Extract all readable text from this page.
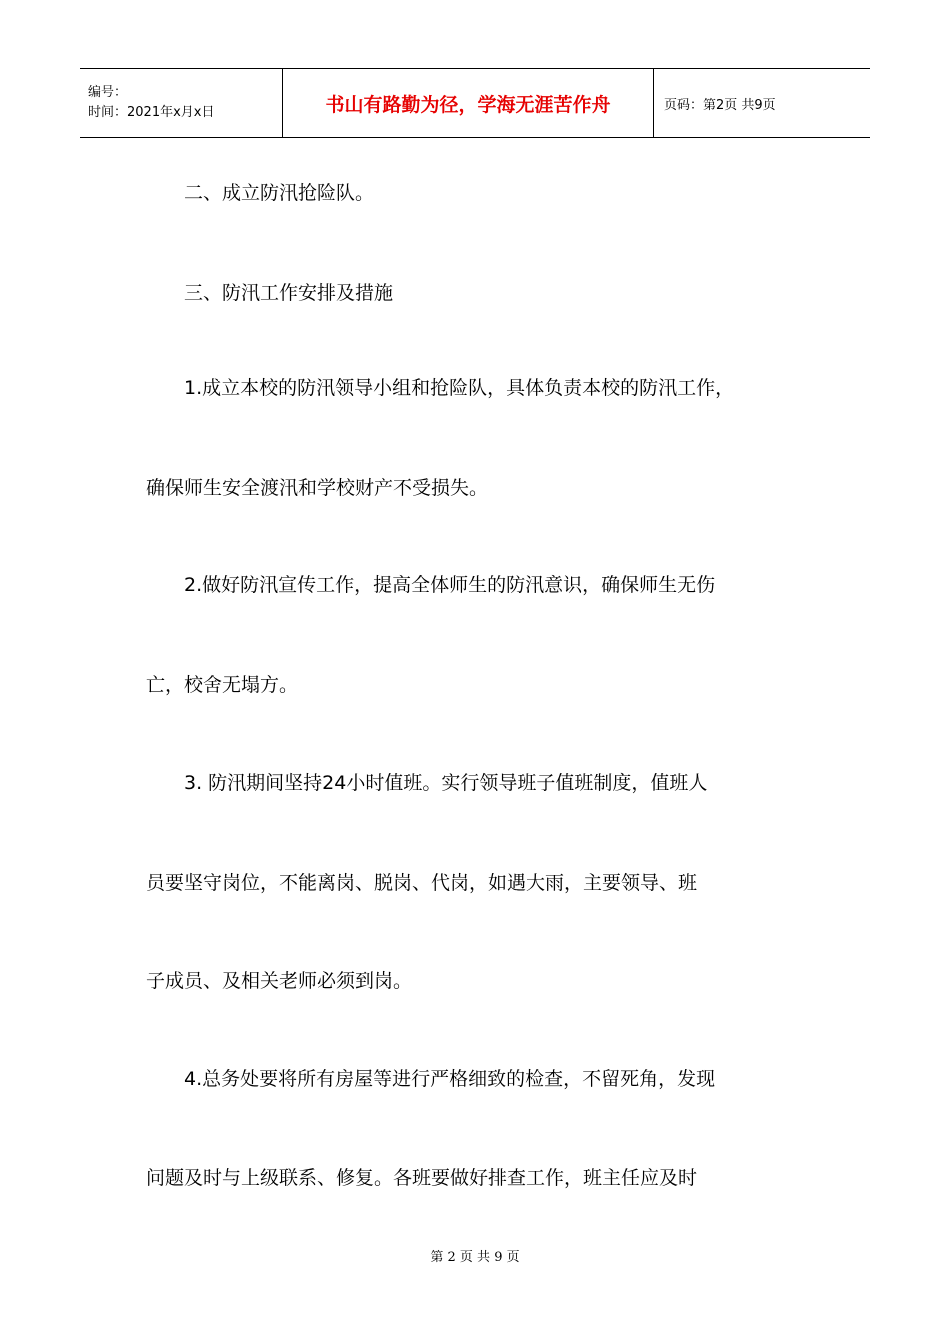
编号：
时间：2021年x月x日	书山有路勤为径，学海无涯苦作舟	页码：第2页 共9页
二、成立防汛抢险队。
三、防汛工作安排及措施
1.成立本校的防汛领导小组和抢险队，具体负责本校的防汛工作，
确保师生安全渡汛和学校财产不受损失。
2.做好防汛宣传工作，提高全体师生的防汛意识，确保师生无伤
亡，校舍无塌方。
3. 防汛期间坚持24小时值班。实行领导班子值班制度，值班人
员要坚守岗位，不能离岗、脱岗、代岗，如遇大雨，主要领导、班
子成员、及相关老师必须到岗。
4.总务处要将所有房屋等进行严格细致的检查，不留死角，发现
问题及时与上级联系、修复。各班要做好排查工作，班主任应及时
第 2 页 共 9 页
